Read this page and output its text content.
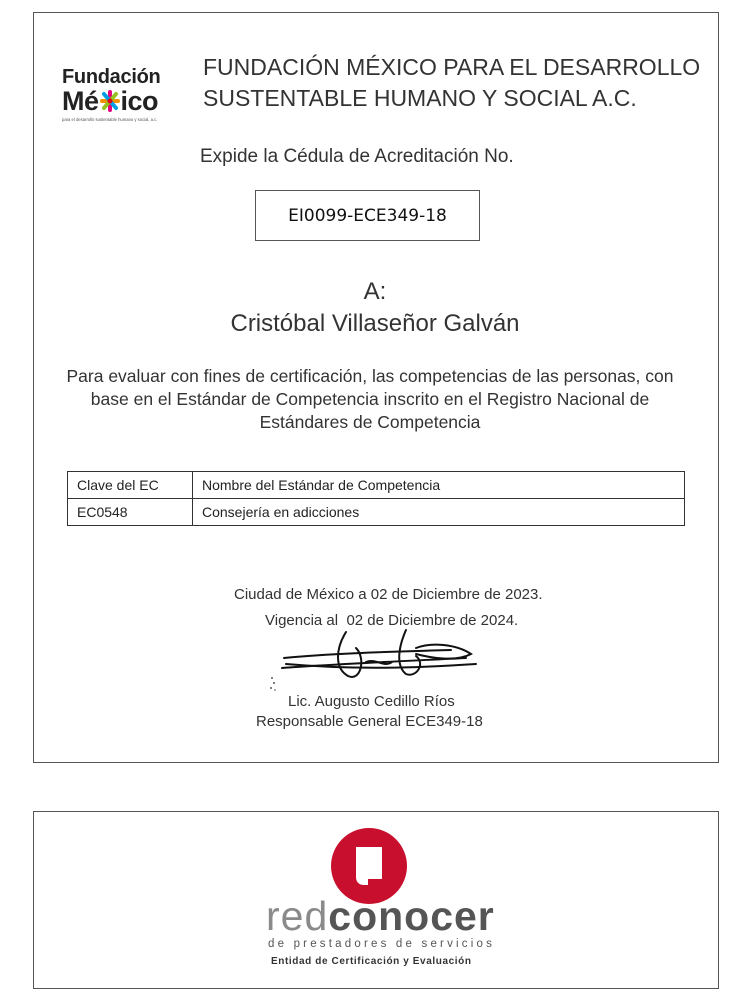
Fundación
Mé ico
para el desarrollo sustentable humano y social, a.c.
FUNDACIÓN MÉXICO PARA EL DESARROLLO SUSTENTABLE HUMANO Y SOCIAL A.C.
Expide la Cédula de Acreditación No.
EI0099-ECE349-18
A:
Cristóbal Villaseñor Galván
Para evaluar con fines de certificación, las competencias de las personas, con base en el Estándar de Competencia inscrito en el Registro Nacional de Estándares de Competencia
Clave del EC	Nombre del Estándar de Competencia
EC0548	Consejería en adicciones
Ciudad de México a 02 de Diciembre de 2023.
Vigencia al  02 de Diciembre de 2024.
Lic. Augusto Cedillo Ríos
Responsable General ECE349-18
redconocer
de prestadores de servicios
Entidad de Certificación y Evaluación
